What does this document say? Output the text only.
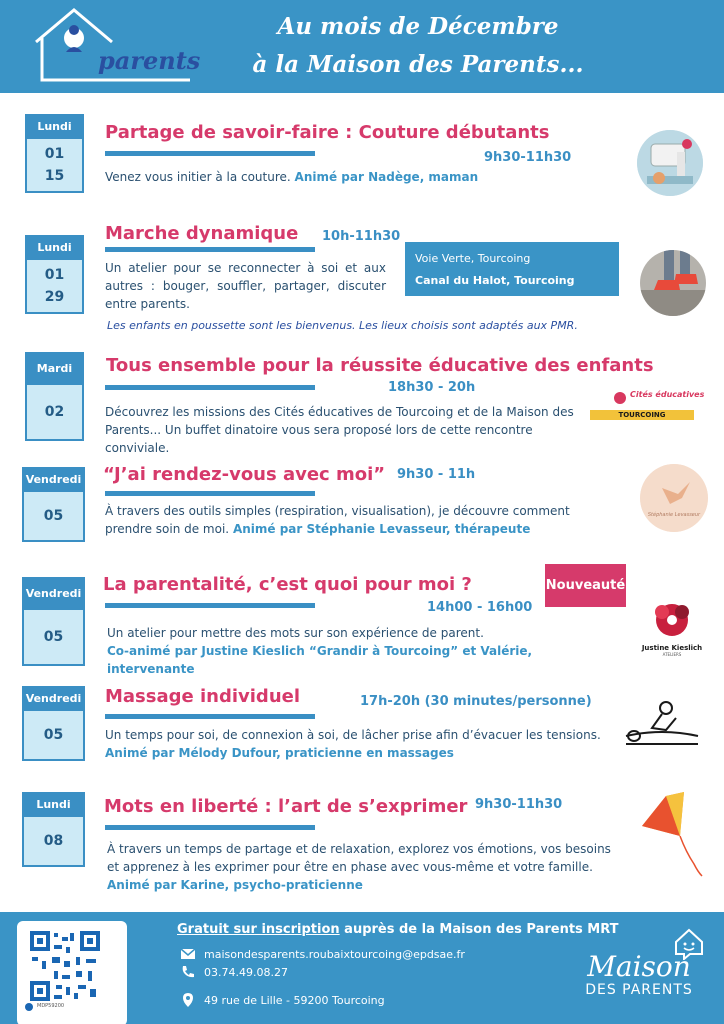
parents
Au mois de Décembre
à la Maison des Parents...
Lundi
01
15
Partage de savoir-faire : Couture débutants
9h30-11h30
Venez vous initier à la couture. Animé par Nadège, maman
Lundi
01
29
Marche dynamique 10h-11h30
Un atelier pour se reconnecter à soi et aux autres : bouger, souffler, partager, discuter entre parents.
Voie Verte, Tourcoing
Canal du Halot, Tourcoing
Les enfants en poussette sont les bienvenus. Les lieux choisis sont adaptés aux PMR.
Mardi
02
Tous ensemble pour la réussite éducative des enfants
18h30 - 20h
Découvrez les missions des Cités éducatives de Tourcoing et de la Maison des Parents... Un buffet dinatoire vous sera proposé lors de cette rencontre conviviale.
TOURCOING
Cités éducatives
Vendredi
05
“J’ai rendez-vous avec moi” 9h30 - 11h
À travers des outils simples (respiration, visualisation), je découvre comment prendre soin de moi. Animé par Stéphanie Levasseur, thérapeute
Stéphanie Levasseur
Vendredi
05
La parentalité, c’est quoi pour moi ?
14h00 - 16h00
Nouveauté
Un atelier pour mettre des mots sur son expérience de parent.
Co-animé par Justine Kieslich “Grandir à Tourcoing” et Valérie, intervenante
Justine Kieslich
ATELIERS
Vendredi
05
Massage individuel	17h-20h (30 minutes/personne)
Un temps pour soi, de connexion à soi, de lâcher prise afin d’évacuer les tensions.
Animé par Mélody Dufour, praticienne en massages
Lundi
08
Mots en liberté : l’art de s’exprimer 9h30-11h30
À travers un temps de partage et de relaxation, explorez vos émotions, vos besoins et apprenez à les exprimer pour être en phase avec vous-même et votre famille.
Animé par Karine, psycho-praticienne
MDP59200
Gratuit sur inscription auprès de la Maison des Parents MRT
maisondesparents.roubaixtourcoing@epdsae.fr
03.74.49.08.27
49 rue de Lille - 59200 Tourcoing
Maison
DES PARENTS
